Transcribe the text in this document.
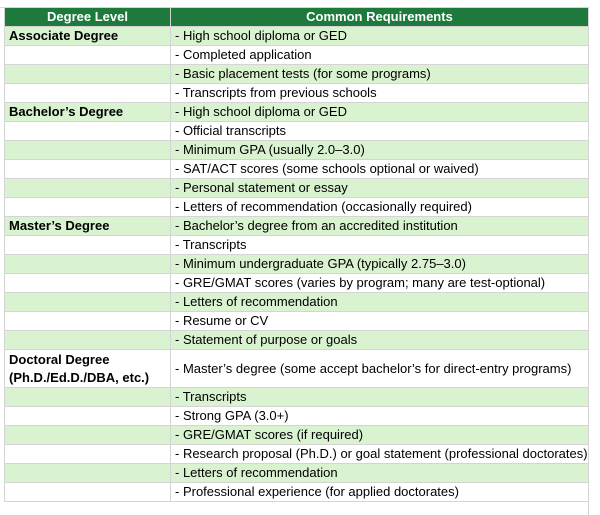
Degree Level	Common Requirements
Associate Degree	- High school diploma or GED
	- Completed application
	- Basic placement tests (for some programs)
	- Transcripts from previous schools
Bachelor’s Degree	- High school diploma or GED
	- Official transcripts
	- Minimum GPA (usually 2.0–3.0)
	- SAT/ACT scores (some schools optional or waived)
	- Personal statement or essay
	- Letters of recommendation (occasionally required)
Master’s Degree	- Bachelor’s degree from an accredited institution
	- Transcripts
	- Minimum undergraduate GPA (typically 2.75–3.0)
	- GRE/GMAT scores (varies by program; many are test-optional)
	- Letters of recommendation
	- Resume or CV
	- Statement of purpose or goals
Doctoral Degree (Ph.D./Ed.D./DBA, etc.)	- Master’s degree (some accept bachelor’s for direct-entry programs)
	- Transcripts
	- Strong GPA (3.0+)
	- GRE/GMAT scores (if required)
	- Research proposal (Ph.D.) or goal statement (professional doctorates)
	- Letters of recommendation
	- Professional experience (for applied doctorates)
